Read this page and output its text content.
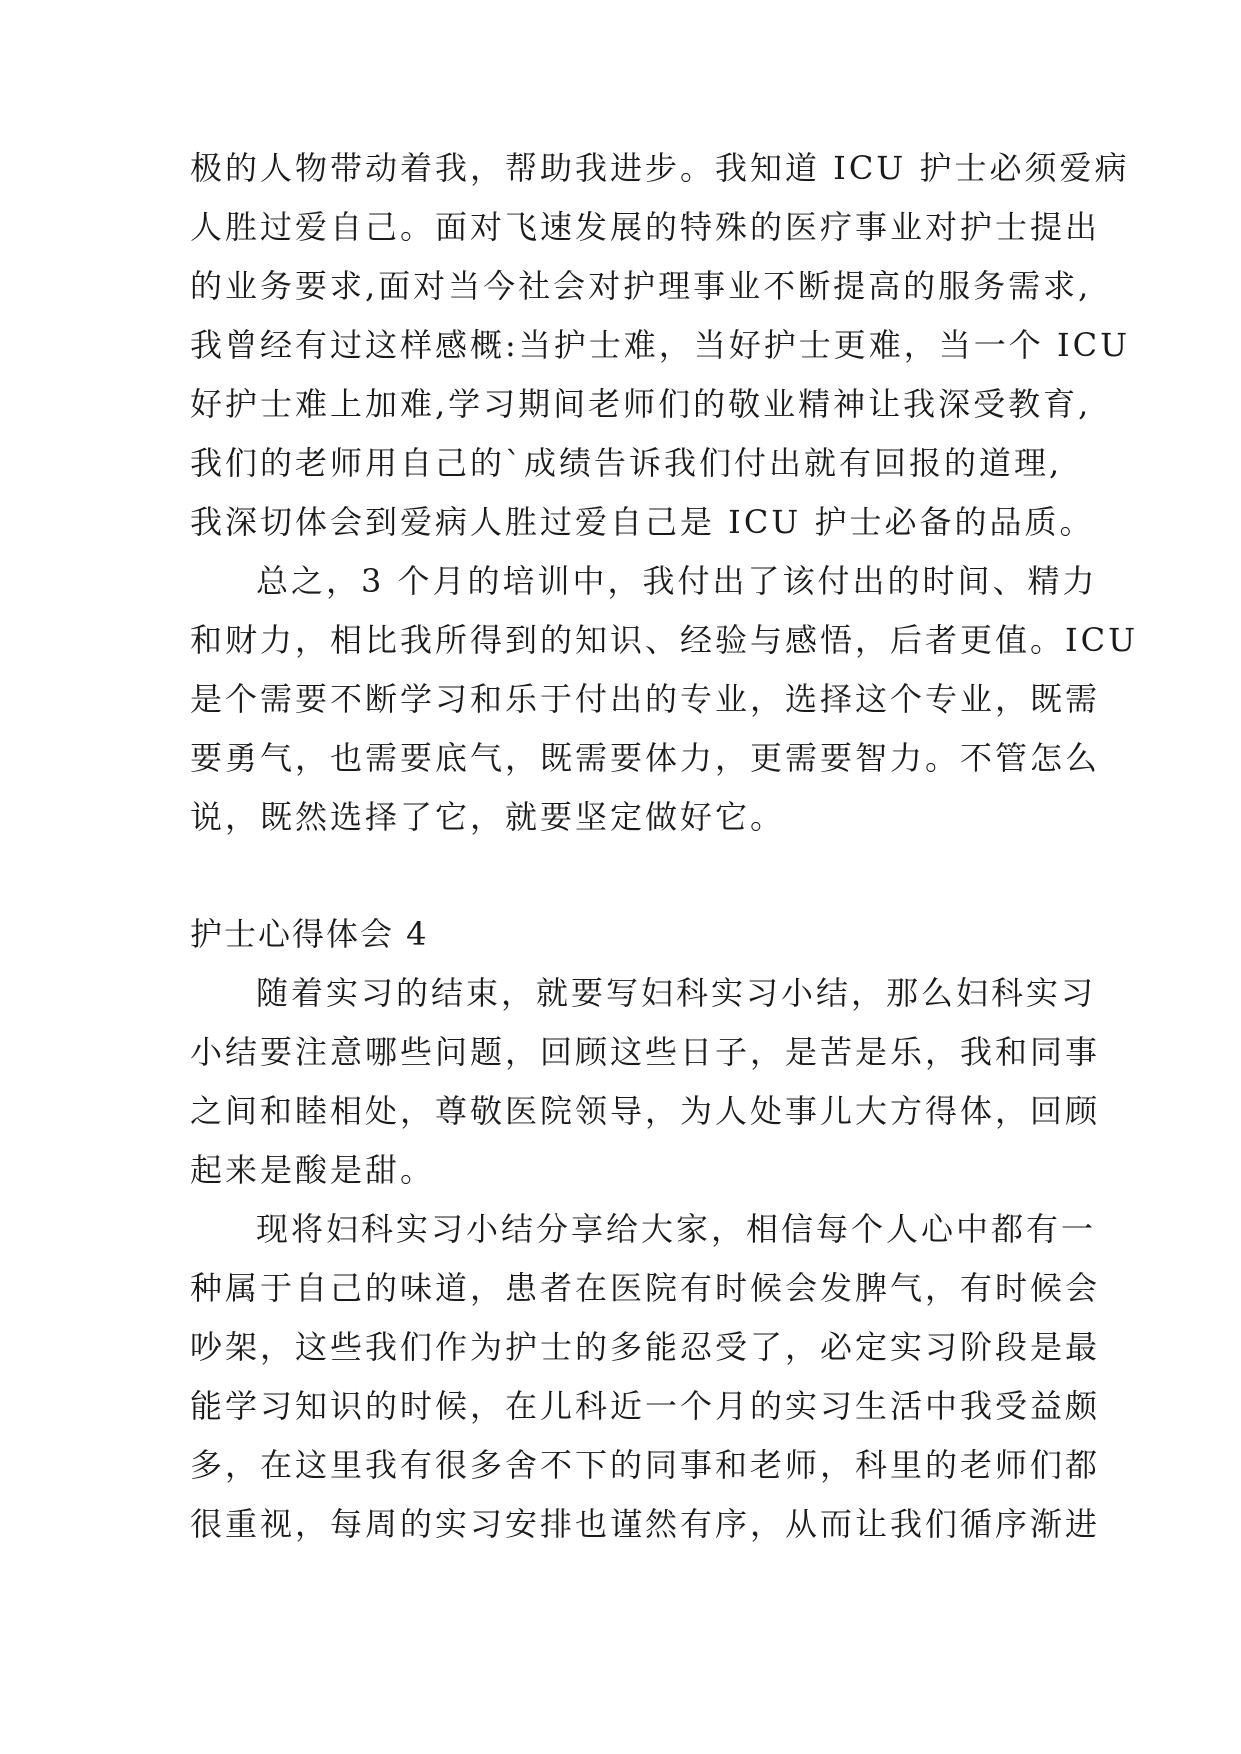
极的人物带动着我，帮助我进步。我知道 ICU 护士必须爱病
人胜过爱自己。面对飞速发展的特殊的医疗事业对护士提出
的业务要求,面对当今社会对护理事业不断提高的服务需求,
我曾经有过这样感概:当护士难，当好护士更难，当一个 ICU
好护士难上加难,学习期间老师们的敬业精神让我深受教育,
我们的老师用自己的`成绩告诉我们付出就有回报的道理,
我深切体会到爱病人胜过爱自己是 ICU 护士必备的品质。
总之，3 个月的培训中，我付出了该付出的时间、精力
和财力，相比我所得到的知识、经验与感悟，后者更值。ICU
是个需要不断学习和乐于付出的专业，选择这个专业，既需
要勇气，也需要底气，既需要体力，更需要智力。不管怎么
说，既然选择了它，就要坚定做好它。
护士心得体会 4
随着实习的结束，就要写妇科实习小结，那么妇科实习
小结要注意哪些问题，回顾这些日子，是苦是乐，我和同事
之间和睦相处，尊敬医院领导，为人处事儿大方得体，回顾
起来是酸是甜。
现将妇科实习小结分享给大家，相信每个人心中都有一
种属于自己的味道，患者在医院有时候会发脾气，有时候会
吵架，这些我们作为护士的多能忍受了，必定实习阶段是最
能学习知识的时候，在儿科近一个月的实习生活中我受益颇
多，在这里我有很多舍不下的同事和老师，科里的老师们都
很重视，每周的实习安排也谨然有序，从而让我们循序渐进
